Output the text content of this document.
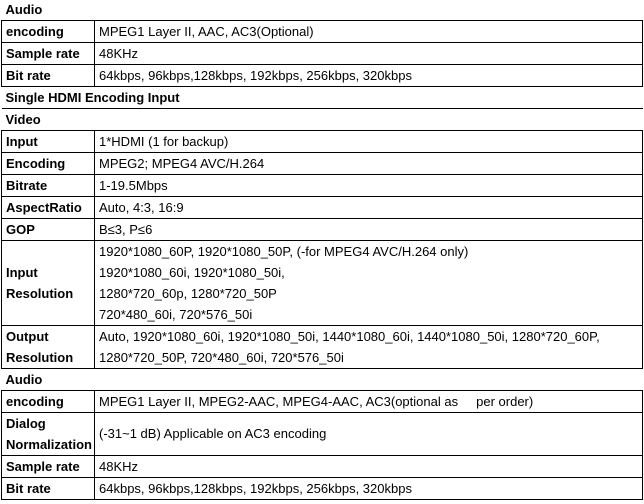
Audio	
encoding	MPEG1 Layer II, AAC, AC3(Optional)
Sample rate	48KHz
Bit rate	64kbps, 96kbps,128kbps, 192kbps, 256kbps, 320kbps
Single HDMI Encoding Input	
Video	
Input	1*HDMI (1 for backup)
Encoding	MPEG2; MPEG4 AVC/H.264
Bitrate	1-19.5Mbps
AspectRatio	Auto, 4:3, 16:9
GOP	B≤3, P≤6

Input
Resolution	1920*1080_60P, 1920*1080_50P, (-for MPEG4 AVC/H.264 only)
1920*1080_60i, 1920*1080_50i,
1280*720_60p, 1280*720_50P
720*480_60i, 720*576_50i

Output
Resolution	Auto, 1920*1080_60i, 1920*1080_50i, 1440*1080_60i, 1440*1080_50i, 1280*720_60P,
1280*720_50P, 720*480_60i, 720*576_50i

Audio	
encoding	MPEG1 Layer II, MPEG2-AAC, MPEG4-AAC, AC3(optional as     per order)

Dialog
Normalization	(-31~1 dB) Applicable on AC3 encoding
Sample rate	48KHz
Bit rate	64kbps, 96kbps,128kbps, 192kbps, 256kbps, 320kbps
